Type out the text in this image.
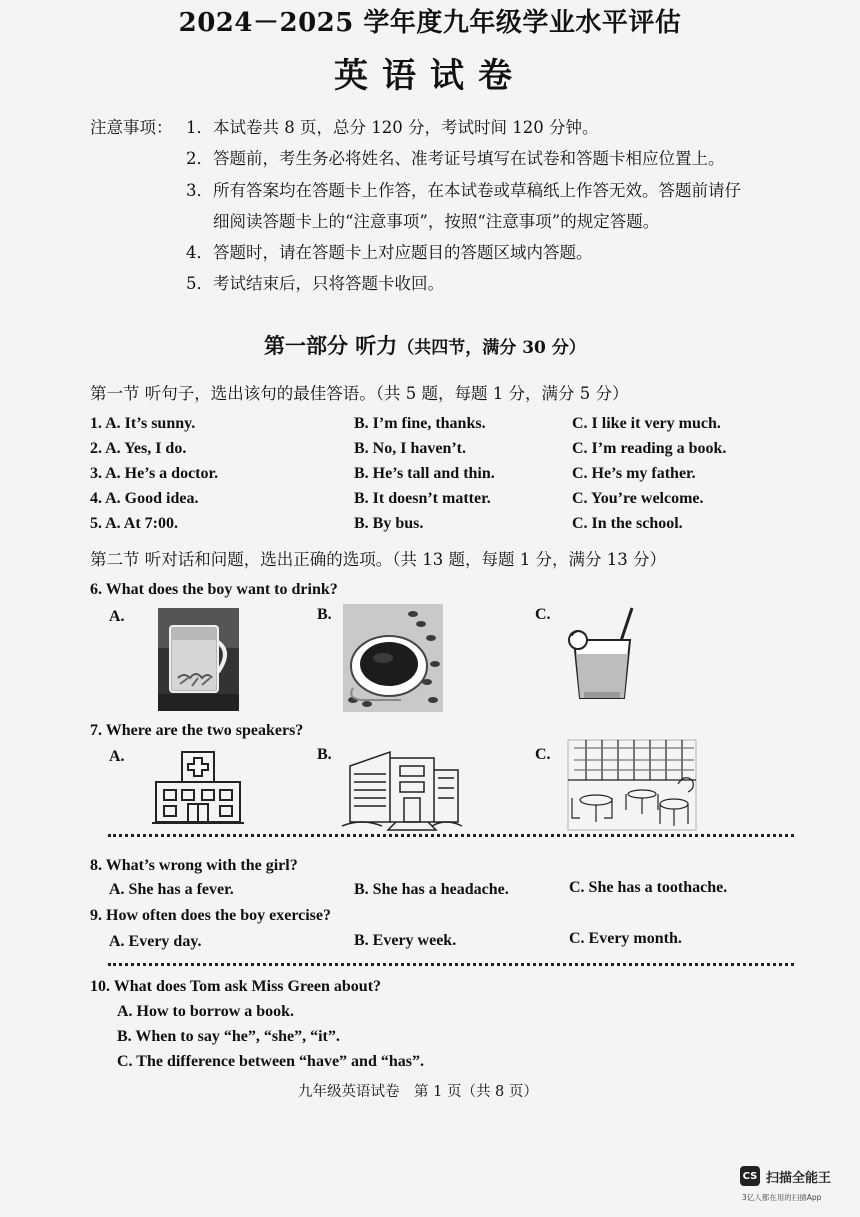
2024－2025 学年度九年级学业水平评估
英语试卷
注意事项： 1．本试卷共 8 页，总分 120 分，考试时间 120 分钟。
2．答题前，考生务必将姓名、准考证号填写在试卷和答题卡相应位置上。
3．所有答案均在答题卡上作答，在本试卷或草稿纸上作答无效。答题前请仔
细阅读答题卡上的“注意事项”，按照“注意事项”的规定答题。
4．答题时，请在答题卡上对应题目的答题区域内答题。
5．考试结束后，只将答题卡收回。
第一部分 听力（共四节，满分 30 分）
第一节 听句子，选出该句的最佳答语。（共 5 题，每题 1 分，满分 5 分）
1. A. It’s sunny.	B. I’m fine, thanks.	C. I like it very much.
2. A. Yes, I do.	B. No, I haven’t.	C. I’m reading a book.
3. A. He’s a doctor.	B. He’s tall and thin.	C. He’s my father.
4. A. Good idea.	B. It doesn’t matter.	C. You’re welcome.
5. A. At 7:00.	B. By bus.	C. In the school.
第二节 听对话和问题，选出正确的选项。（共 13 题，每题 1 分，满分 13 分）
6. What does the boy want to drink?
A.	B.	C.
7. Where are the two speakers?
A.	B.	C.
8. What’s wrong with the girl?
A. She has a fever.	B. She has a headache.	C. She has a toothache.
9. How often does the boy exercise?
A. Every day.	B. Every week.	C. Every month.
10. What does Tom ask Miss Green about?
A. How to borrow a book.
B. When to say “he”, “she”, “it”.
C. The difference between “have” and “has”.
九年级英语试卷　第 1 页（共 8 页）
CS 扫描全能王
3亿人都在用的扫描App
